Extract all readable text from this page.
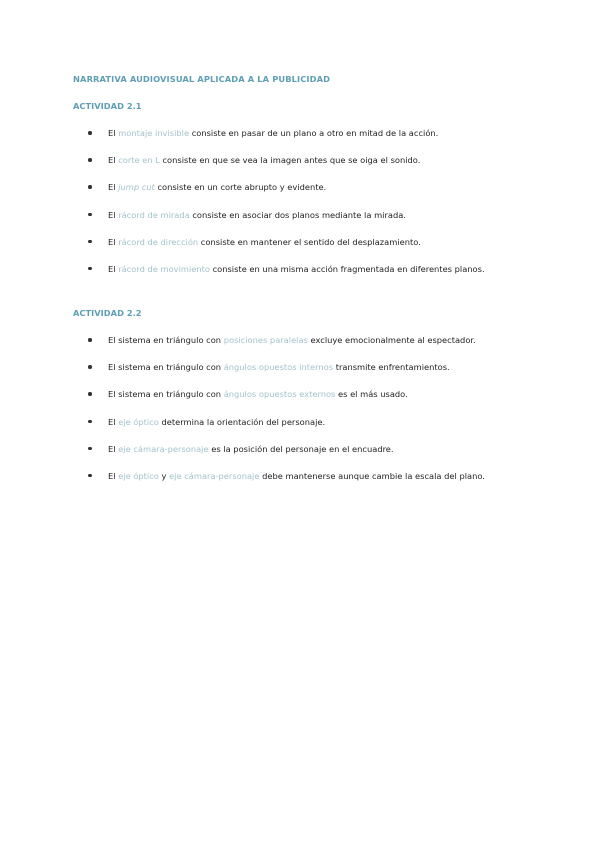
NARRATIVA AUDIOVISUAL APLICADA A LA PUBLICIDAD
ACTIVIDAD 2.1
El montaje invisible consiste en pasar de un plano a otro en mitad de la acción.
El corte en L consiste en que se vea la imagen antes que se oiga el sonido.
El jump cut consiste en un corte abrupto y evidente.
El rácord de mirada consiste en asociar dos planos mediante la mirada.
El rácord de dirección consiste en mantener el sentido del desplazamiento.
El rácord de movimiento consiste en una misma acción fragmentada en diferentes planos.
ACTIVIDAD 2.2
El sistema en triángulo con posiciones paralelas excluye emocionalmente al espectador.
El sistema en triángulo con ángulos opuestos internos transmite enfrentamientos.
El sistema en triángulo con ángulos opuestos externos es el más usado.
El eje óptico determina la orientación del personaje.
El eje cámara-personaje es la posición del personaje en el encuadre.
El eje óptico y eje cámara-personaje debe mantenerse aunque cambie la escala del plano.
